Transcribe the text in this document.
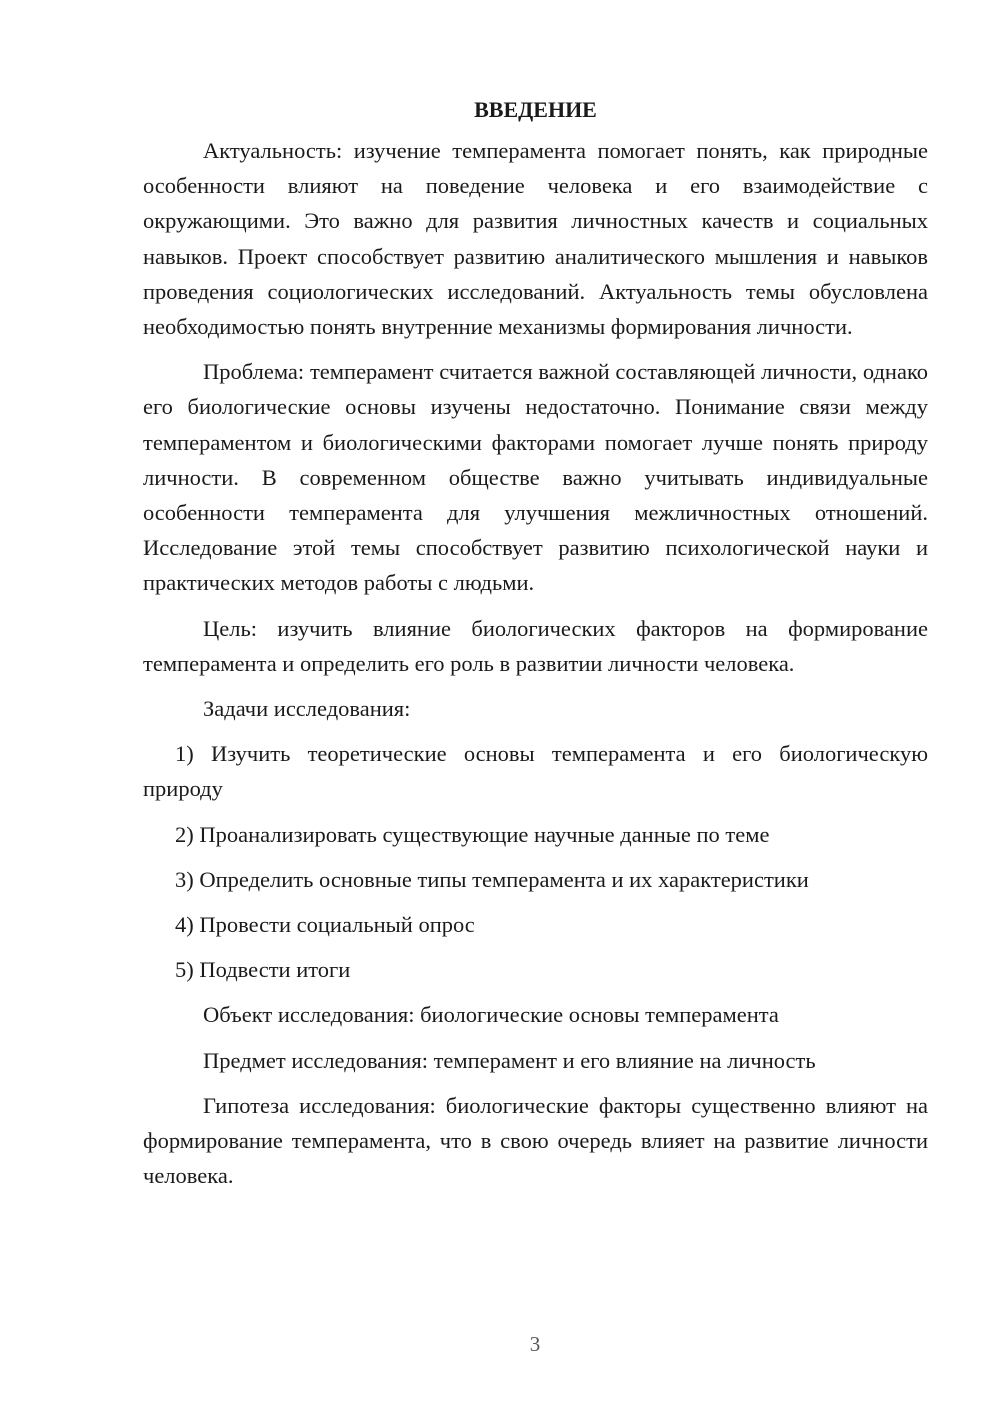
ВВЕДЕНИЕ

Актуальность: изучение темперамента помогает понять, как природные особенности влияют на поведение человека и его взаимодействие с окружающими. Это важно для развития личностных качеств и социальных навыков. Проект способствует развитию аналитического мышления и навыков проведения социологических исследований. Актуальность темы обусловлена необходимостью понять внутренние механизмы формирования личности.

Проблема: темперамент считается важной составляющей личности, однако его биологические основы изучены недостаточно. Понимание связи между темпераментом и биологическими факторами помогает лучше понять природу личности. В современном обществе важно учитывать индивидуальные особенности темперамента для улучшения межличностных отношений. Исследование этой темы способствует развитию психологической науки и практических методов работы с людьми.

Цель: изучить влияние биологических факторов на формирование темперамента и определить его роль в развитии личности человека.

Задачи исследования:

1) Изучить теоретические основы темперамента и его биологическую природу

2) Проанализировать существующие научные данные по теме

3) Определить основные типы темперамента и их характеристики

4) Провести социальный опрос

5) Подвести итоги

Объект исследования: биологические основы темперамента

Предмет исследования: темперамент и его влияние на личность

Гипотеза исследования: биологические факторы существенно влияют на формирование темперамента, что в свою очередь влияет на развитие личности человека.

3
